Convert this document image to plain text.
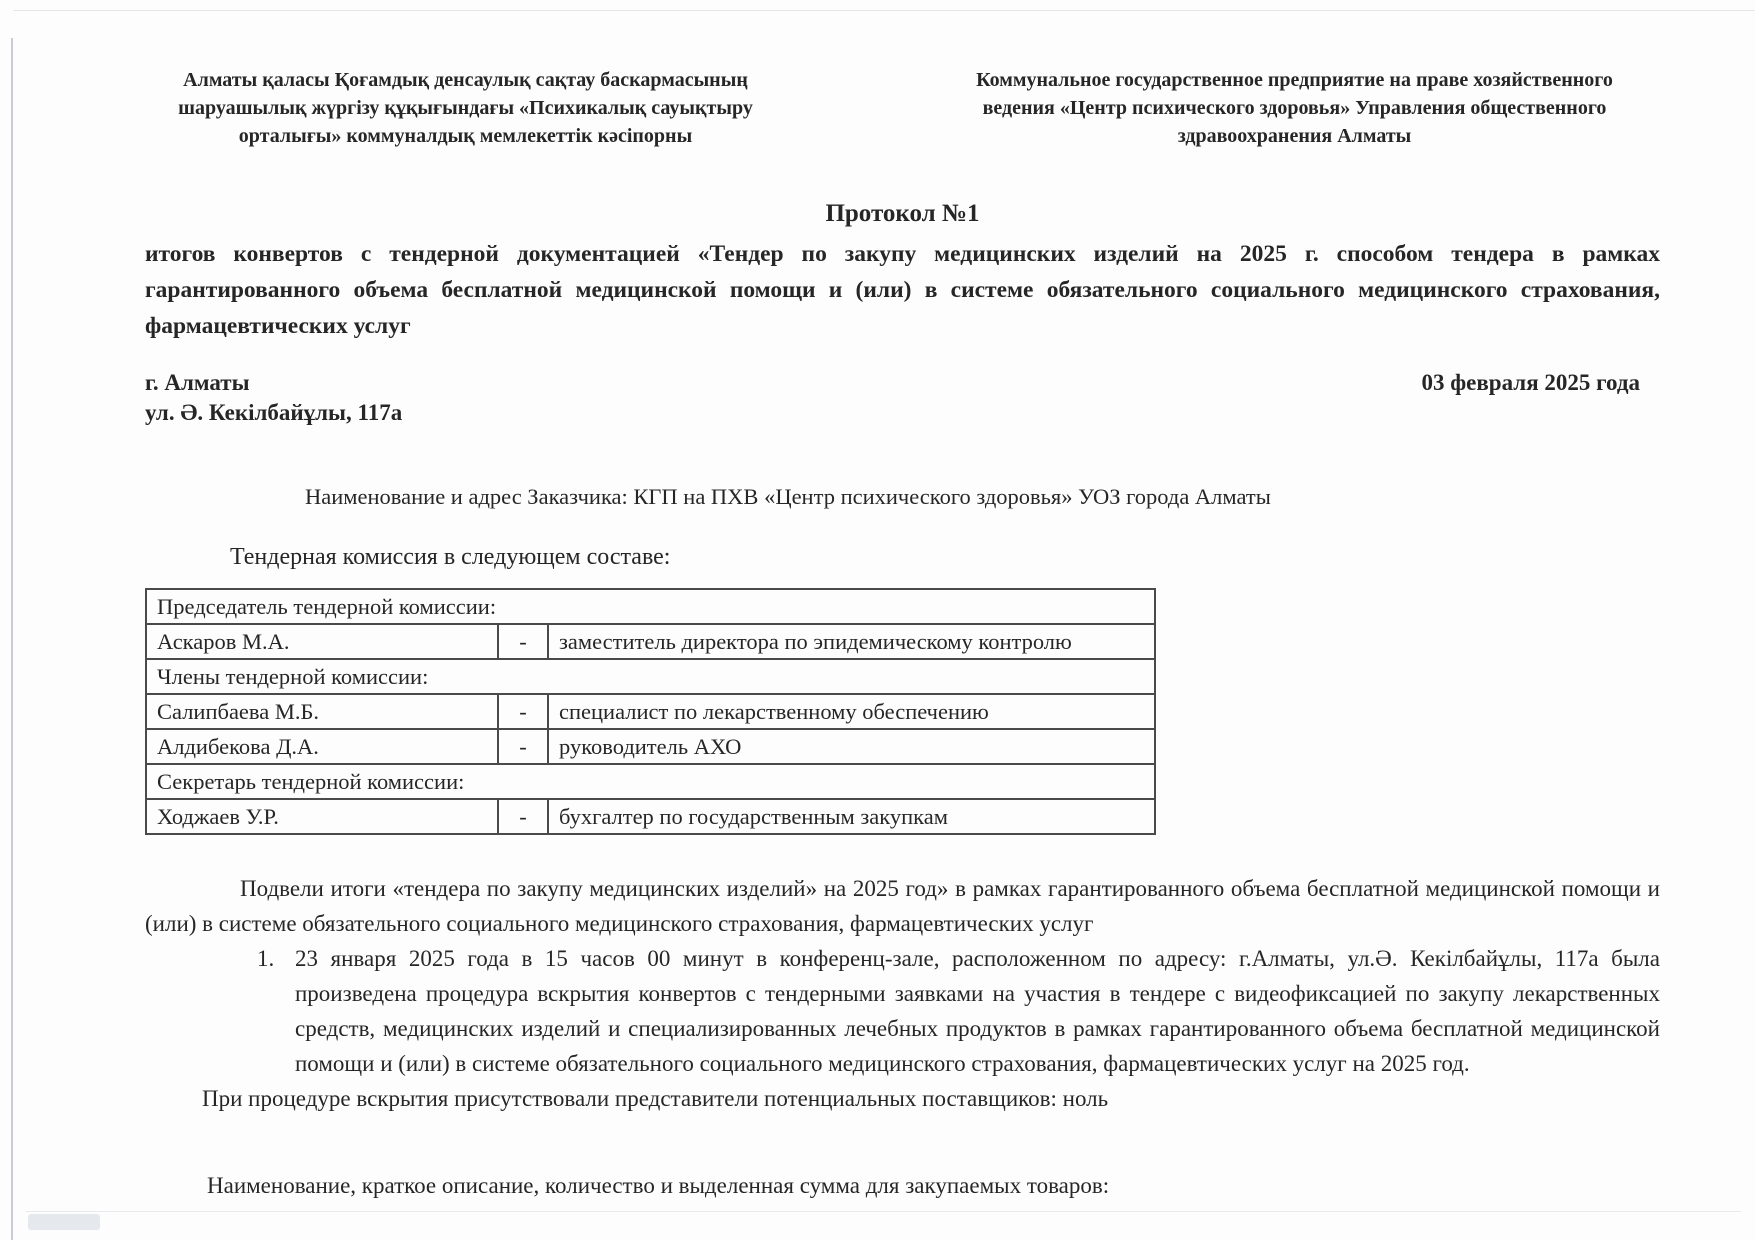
Алматы қаласы Қоғамдық денсаулық сақтау баскармасының шаруашылық жүргізу құқығындағы «Психикалық сауықтыру орталығы» коммуналдық мемлекеттік кәсіпорны
Коммунальное государственное предприятие на праве хозяйственного ведения «Центр психического здоровья» Управления общественного здравоохранения Алматы
Протокол №1
итогов конвертов с тендерной документацией «Тендер по закупу медицинских изделий на 2025 г. способом тендера в рамках гарантированного объема бесплатной медицинской помощи и (или) в системе обязательного социального медицинского страхования, фармацевтических услуг
г. Алматы
ул. Ә. Кекілбайұлы, 117а
03 февраля 2025 года
Наименование и адрес Заказчика: КГП на ПХВ «Центр психического здоровья» УОЗ города Алматы
Тендерная комиссия в следующем составе:
Председатель тендерной комиссии:		
Аскаров М.А.	-	заместитель директора по эпидемическому контролю
Члены тендерной комиссии:		
Салипбаева М.Б.	-	специалист по лекарственному обеспечению
Алдибекова Д.А.	-	руководитель АХО
Секретарь тендерной комиссии:		
Ходжаев У.Р.	-	бухгалтер по государственным закупкам
Подвели итоги «тендера по закупу медицинских изделий» на 2025 год» в рамках гарантированного объема бесплатной медицинской помощи и (или) в системе обязательного социального медицинского страхования, фармацевтических услуг
1. 23 января 2025 года в 15 часов 00 минут в конференц-зале, расположенном по адресу: г.Алматы, ул.Ә. Кекілбайұлы, 117а была произведена процедура вскрытия конвертов с тендерными заявками на участия в тендере с видеофиксацией по закупу лекарственных средств, медицинских изделий и специализированных лечебных продуктов в рамках гарантированного объема бесплатной медицинской помощи и (или) в системе обязательного социального медицинского страхования, фармацевтических услуг на 2025 год.
При процедуре вскрытия присутствовали представители потенциальных поставщиков: ноль
Наименование, краткое описание, количество и выделенная сумма для закупаемых товаров:
